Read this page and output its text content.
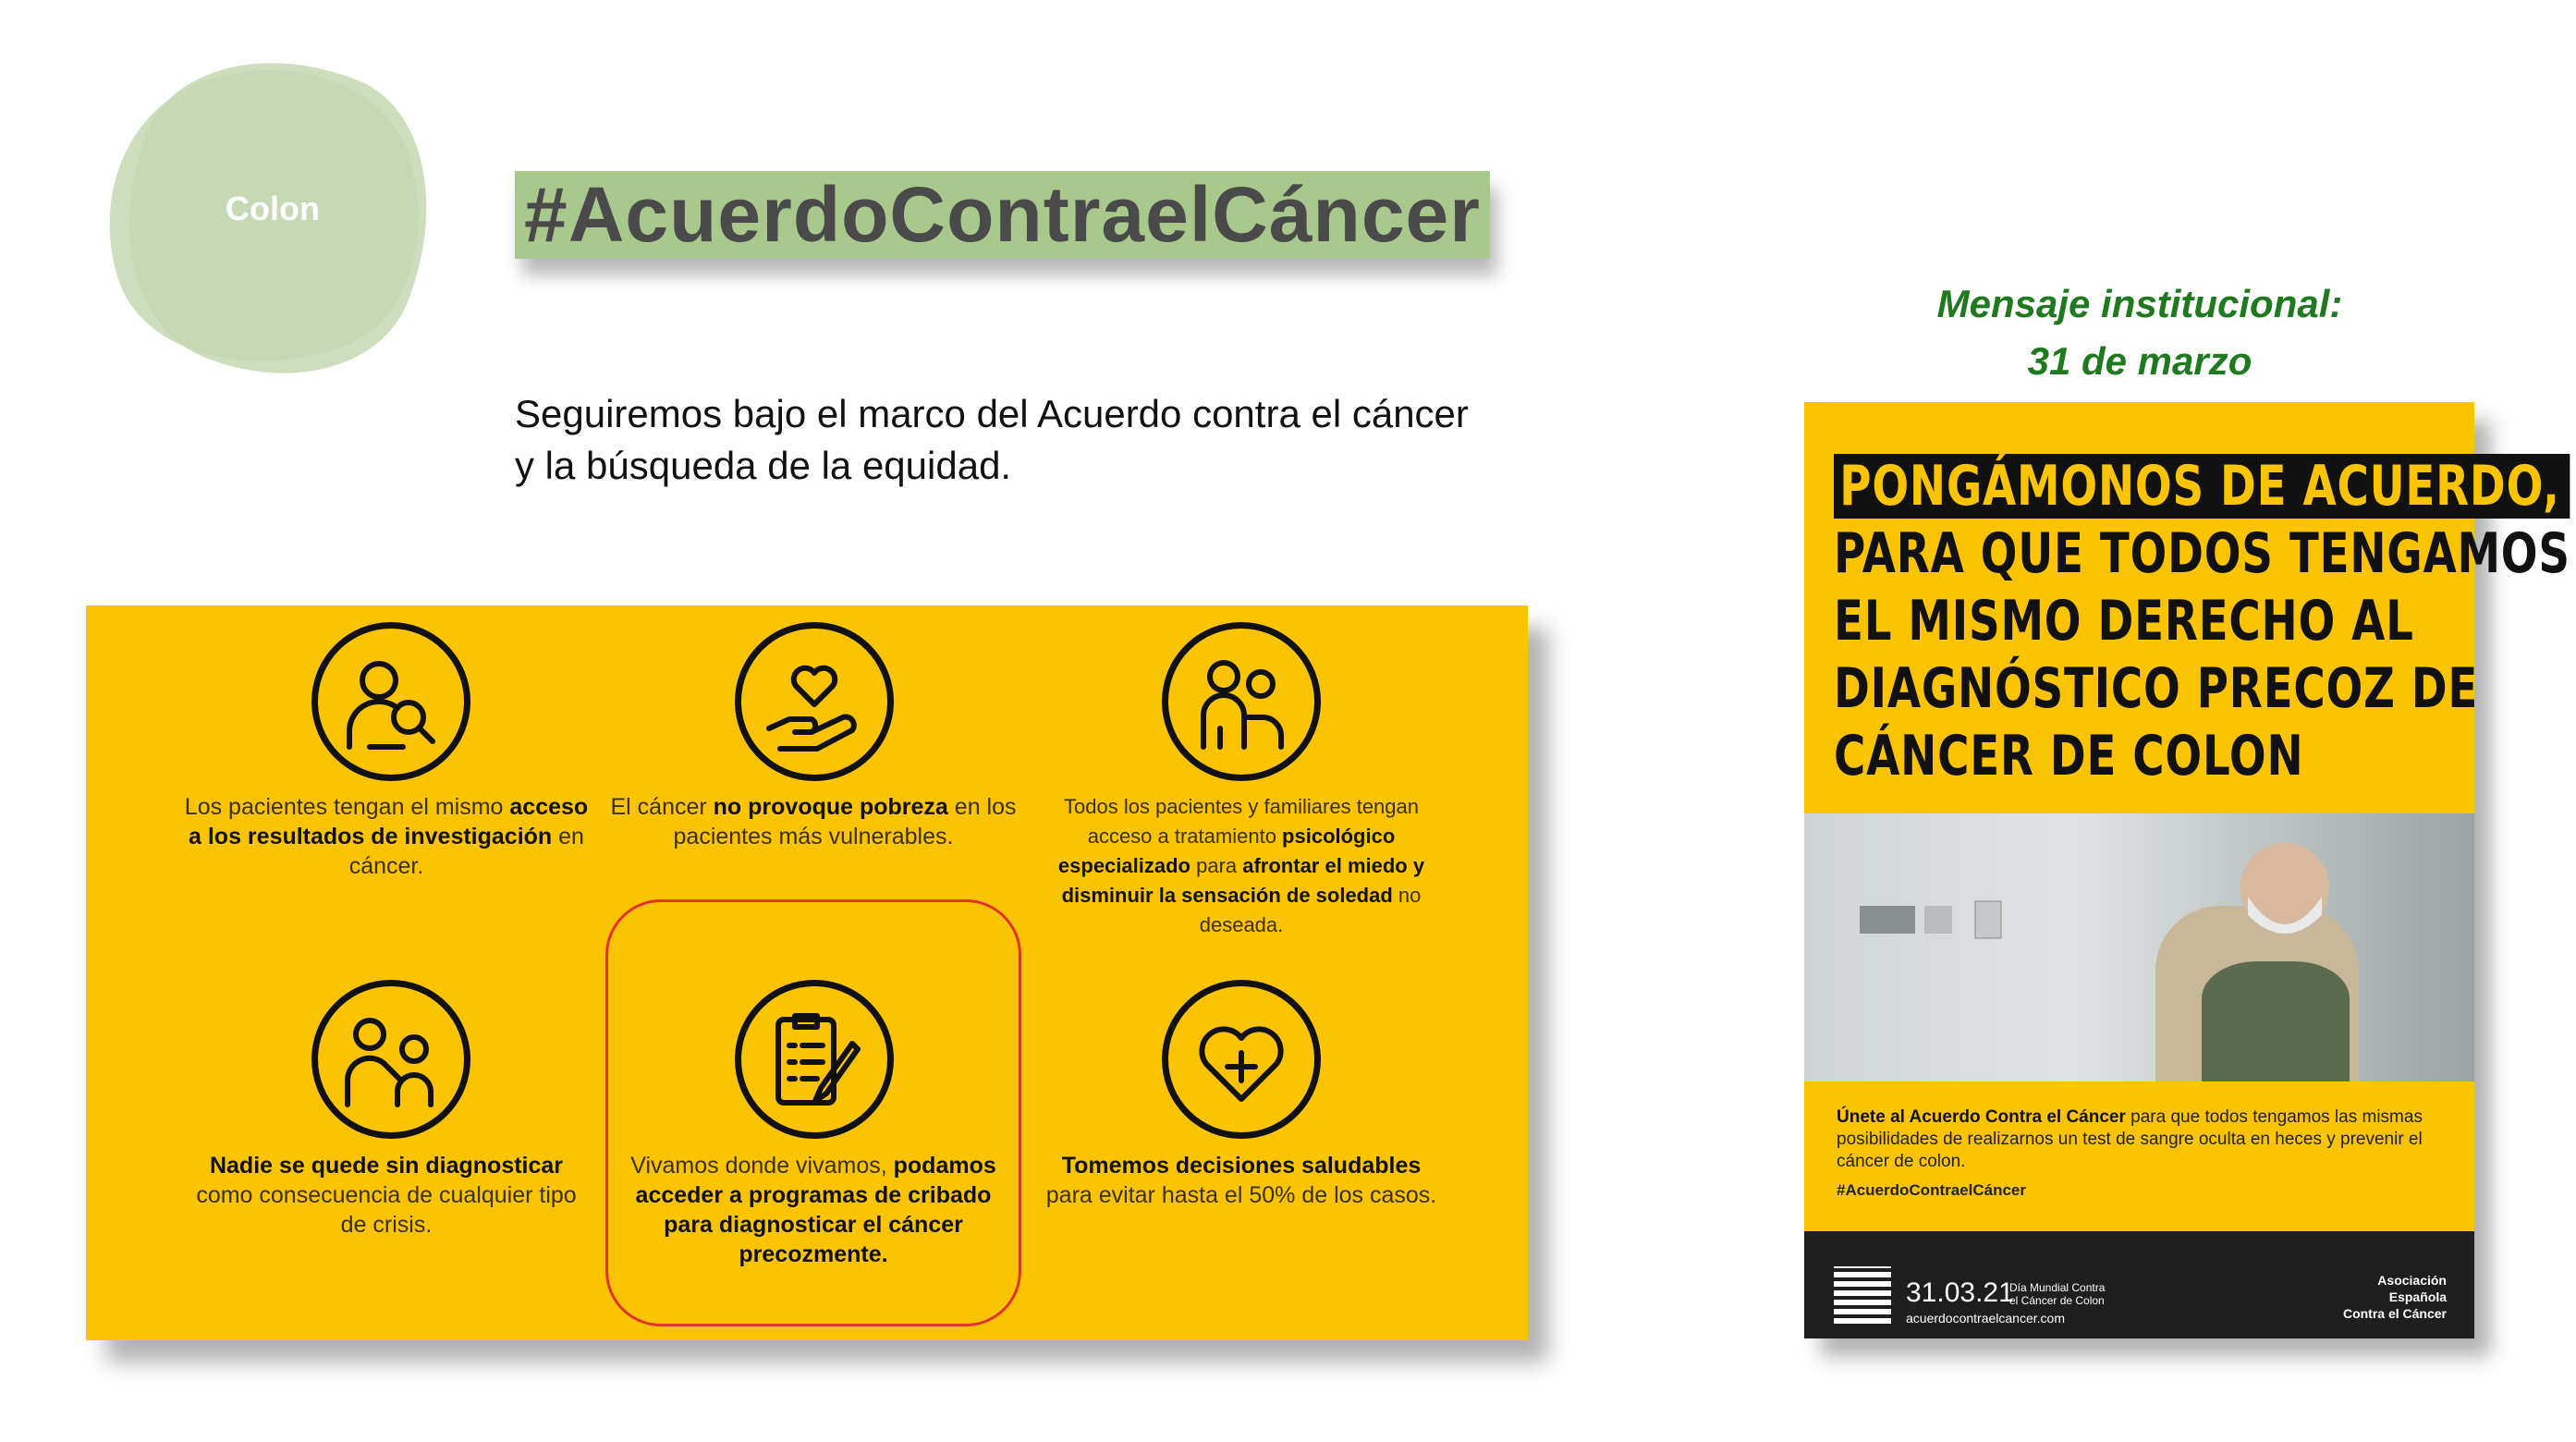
Colon	#AcuerdoContraelCáncer
Seguiremos bajo el marco del Acuerdo contra el cáncer y la búsqueda de la equidad.
Los pacientes tengan el mismo acceso a los resultados de investigación en cáncer.
El cáncer no provoque pobreza en los pacientes más vulnerables.
Todos los pacientes y familiares tengan acceso a tratamiento psicológico especializado para afrontar el miedo y disminuir la sensación de soledad no deseada.
Nadie se quede sin diagnosticar como consecuencia de cualquier tipo de crisis.
Vivamos donde vivamos, podamos acceder a programas de cribado para diagnosticar el cáncer precozmente.
Tomemos decisiones saludables para evitar hasta el 50% de los casos.
Mensaje institucional:
31 de marzo
PONGÁMONOS DE ACUERDO,
PARA QUE TODOS TENGAMOS
EL MISMO DERECHO AL
DIAGNÓSTICO PRECOZ DE
CÁNCER DE COLON
Únete al Acuerdo Contra el Cáncer para que todos tengamos las mismas posibilidades de realizarnos un test de sangre oculta en heces y prevenir el cáncer de colon.
#AcuerdoContraelCáncer
31.03.21
Día Mundial Contra
el Cáncer de Colon
acuerdocontraelcancer.com
Asociación
Española
Contra el Cáncer
